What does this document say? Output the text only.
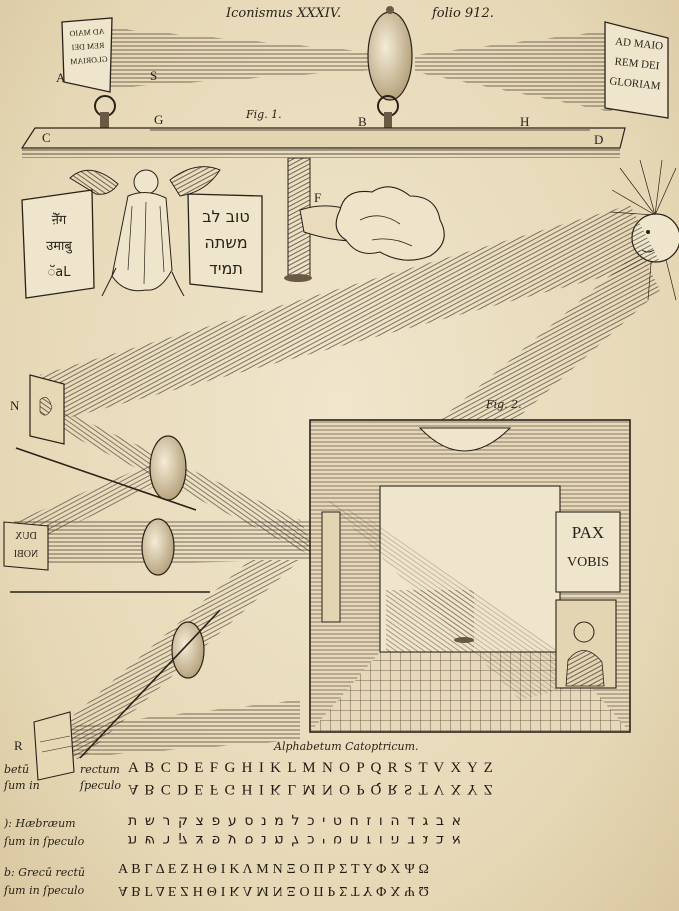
Iconismus XXXIV.	folio 912.
Fig. 1.
Fig. 2.
A	S
C
G	B	H
D
F
N
R
AD MAIO
REM DEI
GLORIAM
AD MAIO
REM DEI
GLORIAM
ऩॅॆग
उमाबु
ॅaL
טוב לב
משתה
תמיד
DUX
NOBI
PAX
VOBIS
Alphabetum Catoptricum.
betū	rectum A B C D E F G H I K L M N O P Q R S T V X Y Z
ſum in	ſpeculo A B C D E F G H I K L M N O P Q R S T V X Y Z
): Hæbræum	א ב ג ד ה ו ז ח ט י כ ל מ נ ס ע פ צ ק ר ש ת
ſum in ſpeculo	א ב ג ד ה ו ז ח ט י כ ל מ נ ס ע פ צ ק ר ש ת
b: Grecū rectū Α Β Γ Δ Ε Ζ Η Θ Ι Κ Λ Μ Ν Ξ Ο Π Ρ Σ Τ Υ Φ Χ Ψ Ω
ſum in ſpeculo Α Β Γ Δ Ε Ζ Η Θ Ι Κ Λ Μ Ν Ξ Ο Π Ρ Σ Τ Υ Φ Χ Ψ Ω
